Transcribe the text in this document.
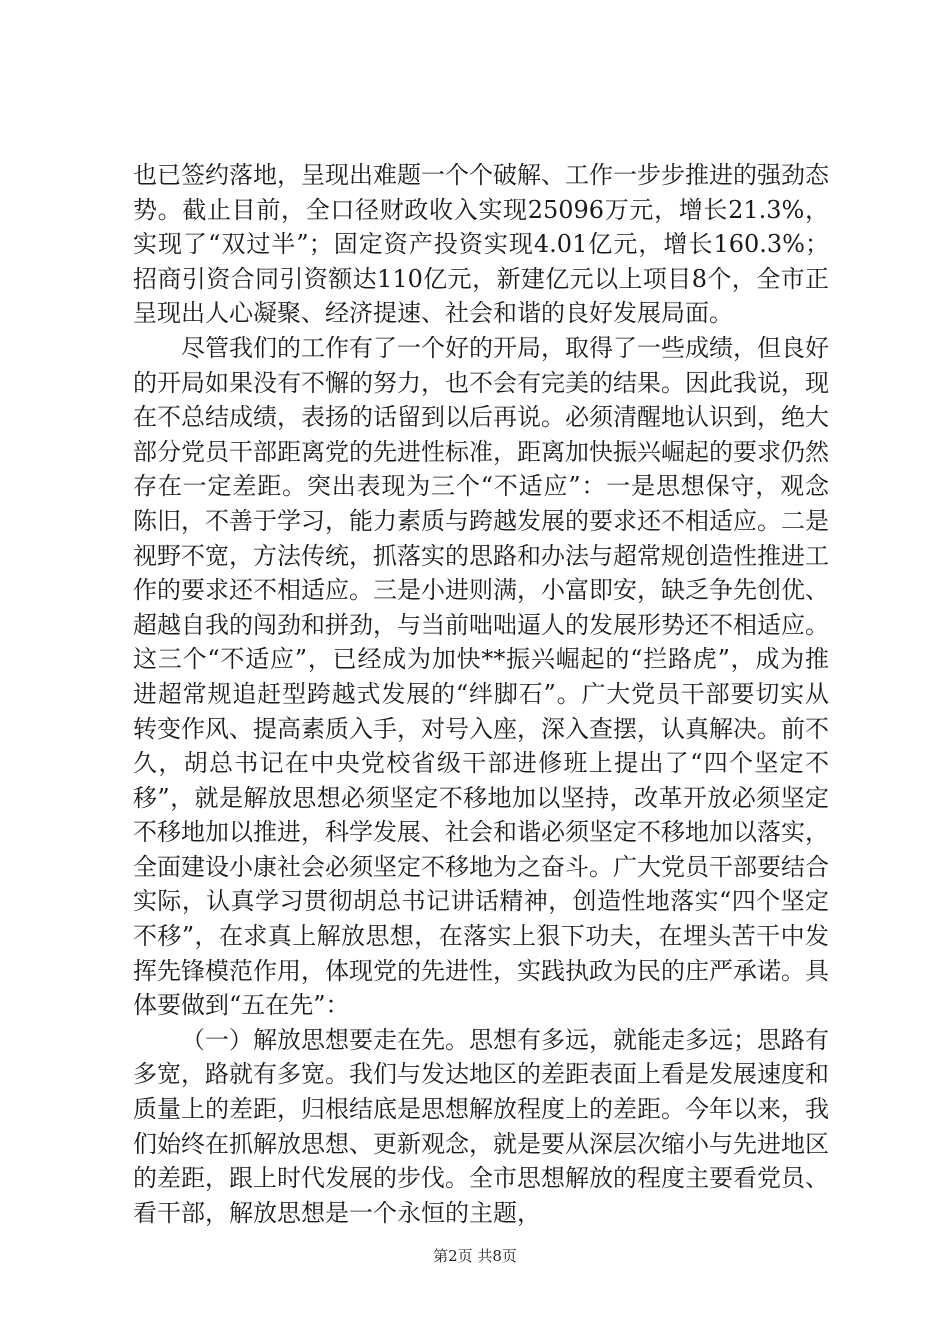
也已签约落地，呈现出难题一个个破解、工作一步步推进的强劲态势。截止目前，全口径财政收入实现25096万元，增长21.3%，实现了“双过半”；固定资产投资实现4.01亿元，增长160.3%；招商引资合同引资额达110亿元，新建亿元以上项目8个，全市正呈现出人心凝聚、经济提速、社会和谐的良好发展局面。

尽管我们的工作有了一个好的开局，取得了一些成绩，但良好的开局如果没有不懈的努力，也不会有完美的结果。因此我说，现在不总结成绩，表扬的话留到以后再说。必须清醒地认识到，绝大部分党员干部距离党的先进性标准，距离加快振兴崛起的要求仍然存在一定差距。突出表现为三个“不适应”：一是思想保守，观念陈旧，不善于学习，能力素质与跨越发展的要求还不相适应。二是视野不宽，方法传统，抓落实的思路和办法与超常规创造性推进工作的要求还不相适应。三是小进则满，小富即安，缺乏争先创优、超越自我的闯劲和拼劲，与当前咄咄逼人的发展形势还不相适应。这三个“不适应”，已经成为加快**振兴崛起的“拦路虎”，成为推进超常规追赶型跨越式发展的“绊脚石”。广大党员干部要切实从转变作风、提高素质入手，对号入座，深入查摆，认真解决。前不久，胡总书记在中央党校省级干部进修班上提出了“四个坚定不移”，就是解放思想必须坚定不移地加以坚持，改革开放必须坚定不移地加以推进，科学发展、社会和谐必须坚定不移地加以落实，全面建设小康社会必须坚定不移地为之奋斗。广大党员干部要结合实际，认真学习贯彻胡总书记讲话精神，创造性地落实“四个坚定不移”，在求真上解放思想，在落实上狠下功夫，在埋头苦干中发挥先锋模范作用，体现党的先进性，实践执政为民的庄严承诺。具体要做到“五在先”：

（一）解放思想要走在先。思想有多远，就能走多远；思路有多宽，路就有多宽。我们与发达地区的差距表面上看是发展速度和质量上的差距，归根结底是思想解放程度上的差距。今年以来，我们始终在抓解放思想、更新观念，就是要从深层次缩小与先进地区的差距，跟上时代发展的步伐。全市思想解放的程度主要看党员、看干部，解放思想是一个永恒的主题，

第2页 共8页
